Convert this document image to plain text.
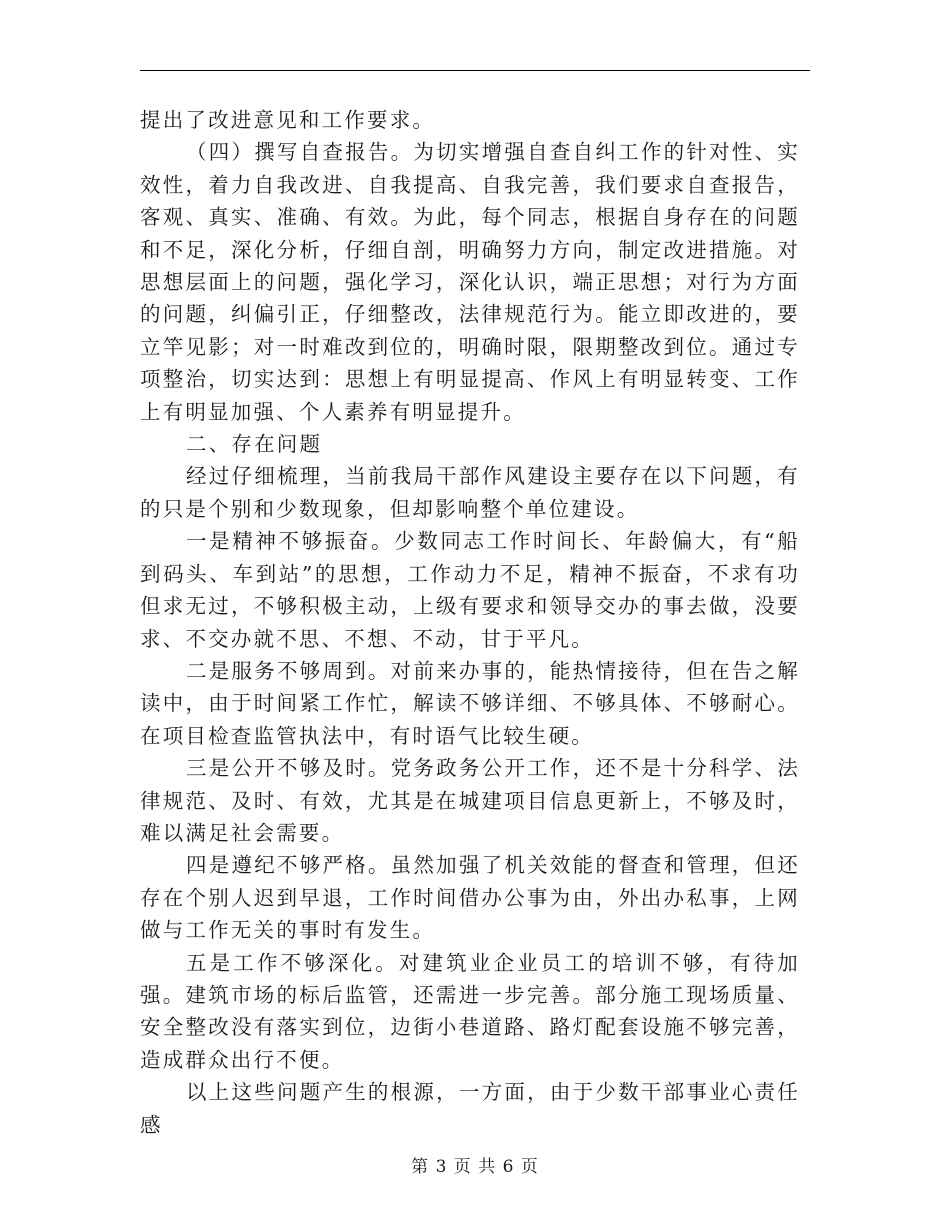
提出了改进意见和工作要求。

（四）撰写自查报告。为切实增强自查自纠工作的针对性、实效性，着力自我改进、自我提高、自我完善，我们要求自查报告，客观、真实、准确、有效。为此，每个同志，根据自身存在的问题和不足，深化分析，仔细自剖，明确努力方向，制定改进措施。对思想层面上的问题，强化学习，深化认识，端正思想；对行为方面的问题，纠偏引正，仔细整改，法律规范行为。能立即改进的，要立竿见影；对一时难改到位的，明确时限，限期整改到位。通过专项整治，切实达到：思想上有明显提高、作风上有明显转变、工作上有明显加强、个人素养有明显提升。

二、存在问题

经过仔细梳理，当前我局干部作风建设主要存在以下问题，有的只是个别和少数现象，但却影响整个单位建设。

一是精神不够振奋。少数同志工作时间长、年龄偏大，有“船到码头、车到站”的思想，工作动力不足，精神不振奋，不求有功但求无过，不够积极主动，上级有要求和领导交办的事去做，没要求、不交办就不思、不想、不动，甘于平凡。

二是服务不够周到。对前来办事的，能热情接待，但在告之解读中，由于时间紧工作忙，解读不够详细、不够具体、不够耐心。在项目检查监管执法中，有时语气比较生硬。

三是公开不够及时。党务政务公开工作，还不是十分科学、法律规范、及时、有效，尤其是在城建项目信息更新上，不够及时，难以满足社会需要。

四是遵纪不够严格。虽然加强了机关效能的督查和管理，但还存在个别人迟到早退，工作时间借办公事为由，外出办私事，上网做与工作无关的事时有发生。

五是工作不够深化。对建筑业企业员工的培训不够，有待加强。建筑市场的标后监管，还需进一步完善。部分施工现场质量、安全整改没有落实到位，边街小巷道路、路灯配套设施不够完善，造成群众出行不便。

以上这些问题产生的根源，一方面，由于少数干部事业心责任感

第 3 页 共 6 页
